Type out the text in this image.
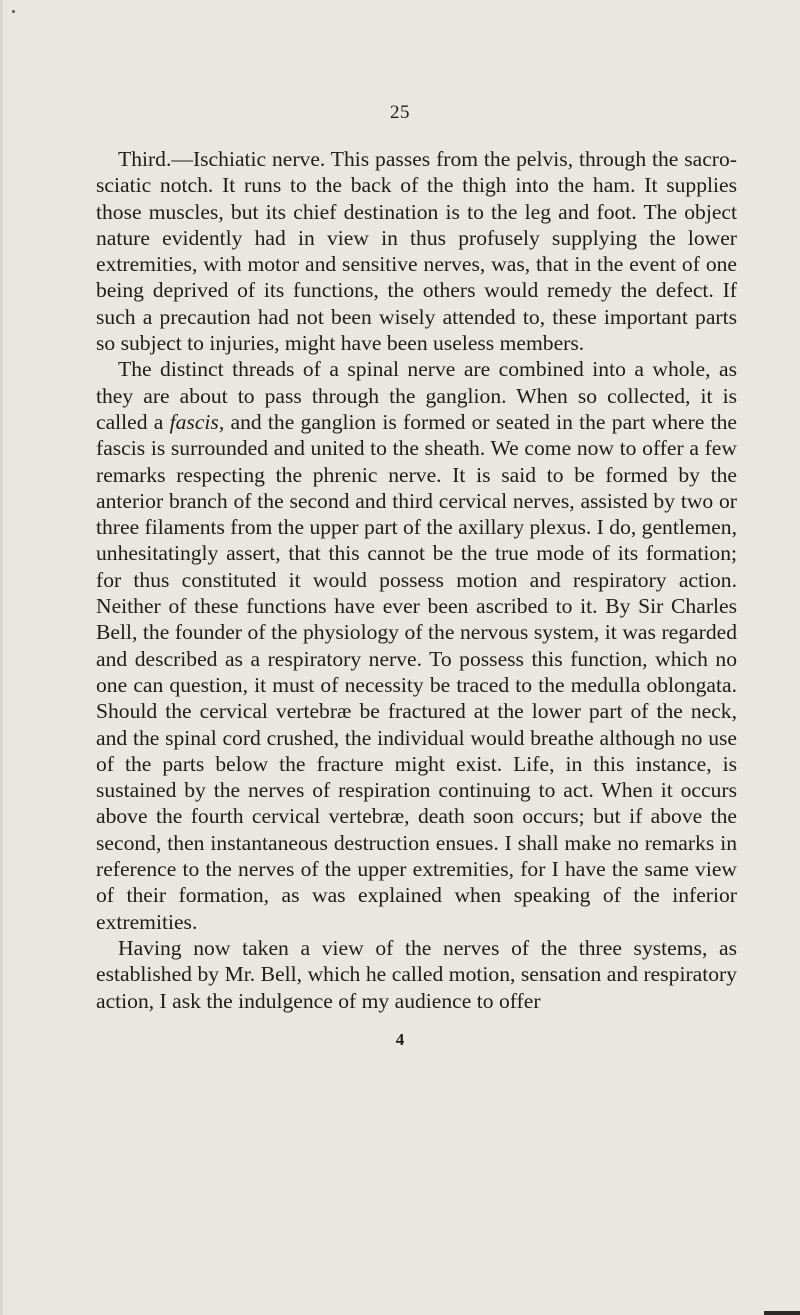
25

Third.—Ischiatic nerve. This passes from the pelvis, through the sacro-sciatic notch. It runs to the back of the thigh into the ham. It supplies those muscles, but its chief destination is to the leg and foot. The object nature evidently had in view in thus profusely supplying the lower extremities, with motor and sensitive nerves, was, that in the event of one being deprived of its functions, the others would remedy the defect. If such a precaution had not been wisely attended to, these important parts so subject to injuries, might have been useless members.

The distinct threads of a spinal nerve are combined into a whole, as they are about to pass through the ganglion. When so collected, it is called a fascis, and the ganglion is formed or seated in the part where the fascis is surrounded and united to the sheath. We come now to offer a few remarks respecting the phrenic nerve. It is said to be formed by the anterior branch of the second and third cervical nerves, assisted by two or three filaments from the upper part of the axillary plexus. I do, gentlemen, unhesitatingly assert, that this cannot be the true mode of its formation; for thus constituted it would possess motion and respiratory action. Neither of these functions have ever been ascribed to it. By Sir Charles Bell, the founder of the physiology of the nervous system, it was regarded and described as a respiratory nerve. To possess this function, which no one can question, it must of necessity be traced to the medulla oblongata. Should the cervical vertebræ be fractured at the lower part of the neck, and the spinal cord crushed, the individual would breathe although no use of the parts below the fracture might exist. Life, in this instance, is sustained by the nerves of respiration continuing to act. When it occurs above the fourth cervical vertebræ, death soon occurs; but if above the second, then instantaneous destruction ensues. I shall make no remarks in reference to the nerves of the upper extremities, for I have the same view of their formation, as was explained when speaking of the inferior extremities.

Having now taken a view of the nerves of the three systems, as established by Mr. Bell, which he called motion, sensation and respiratory action, I ask the indulgence of my audience to offer

4
